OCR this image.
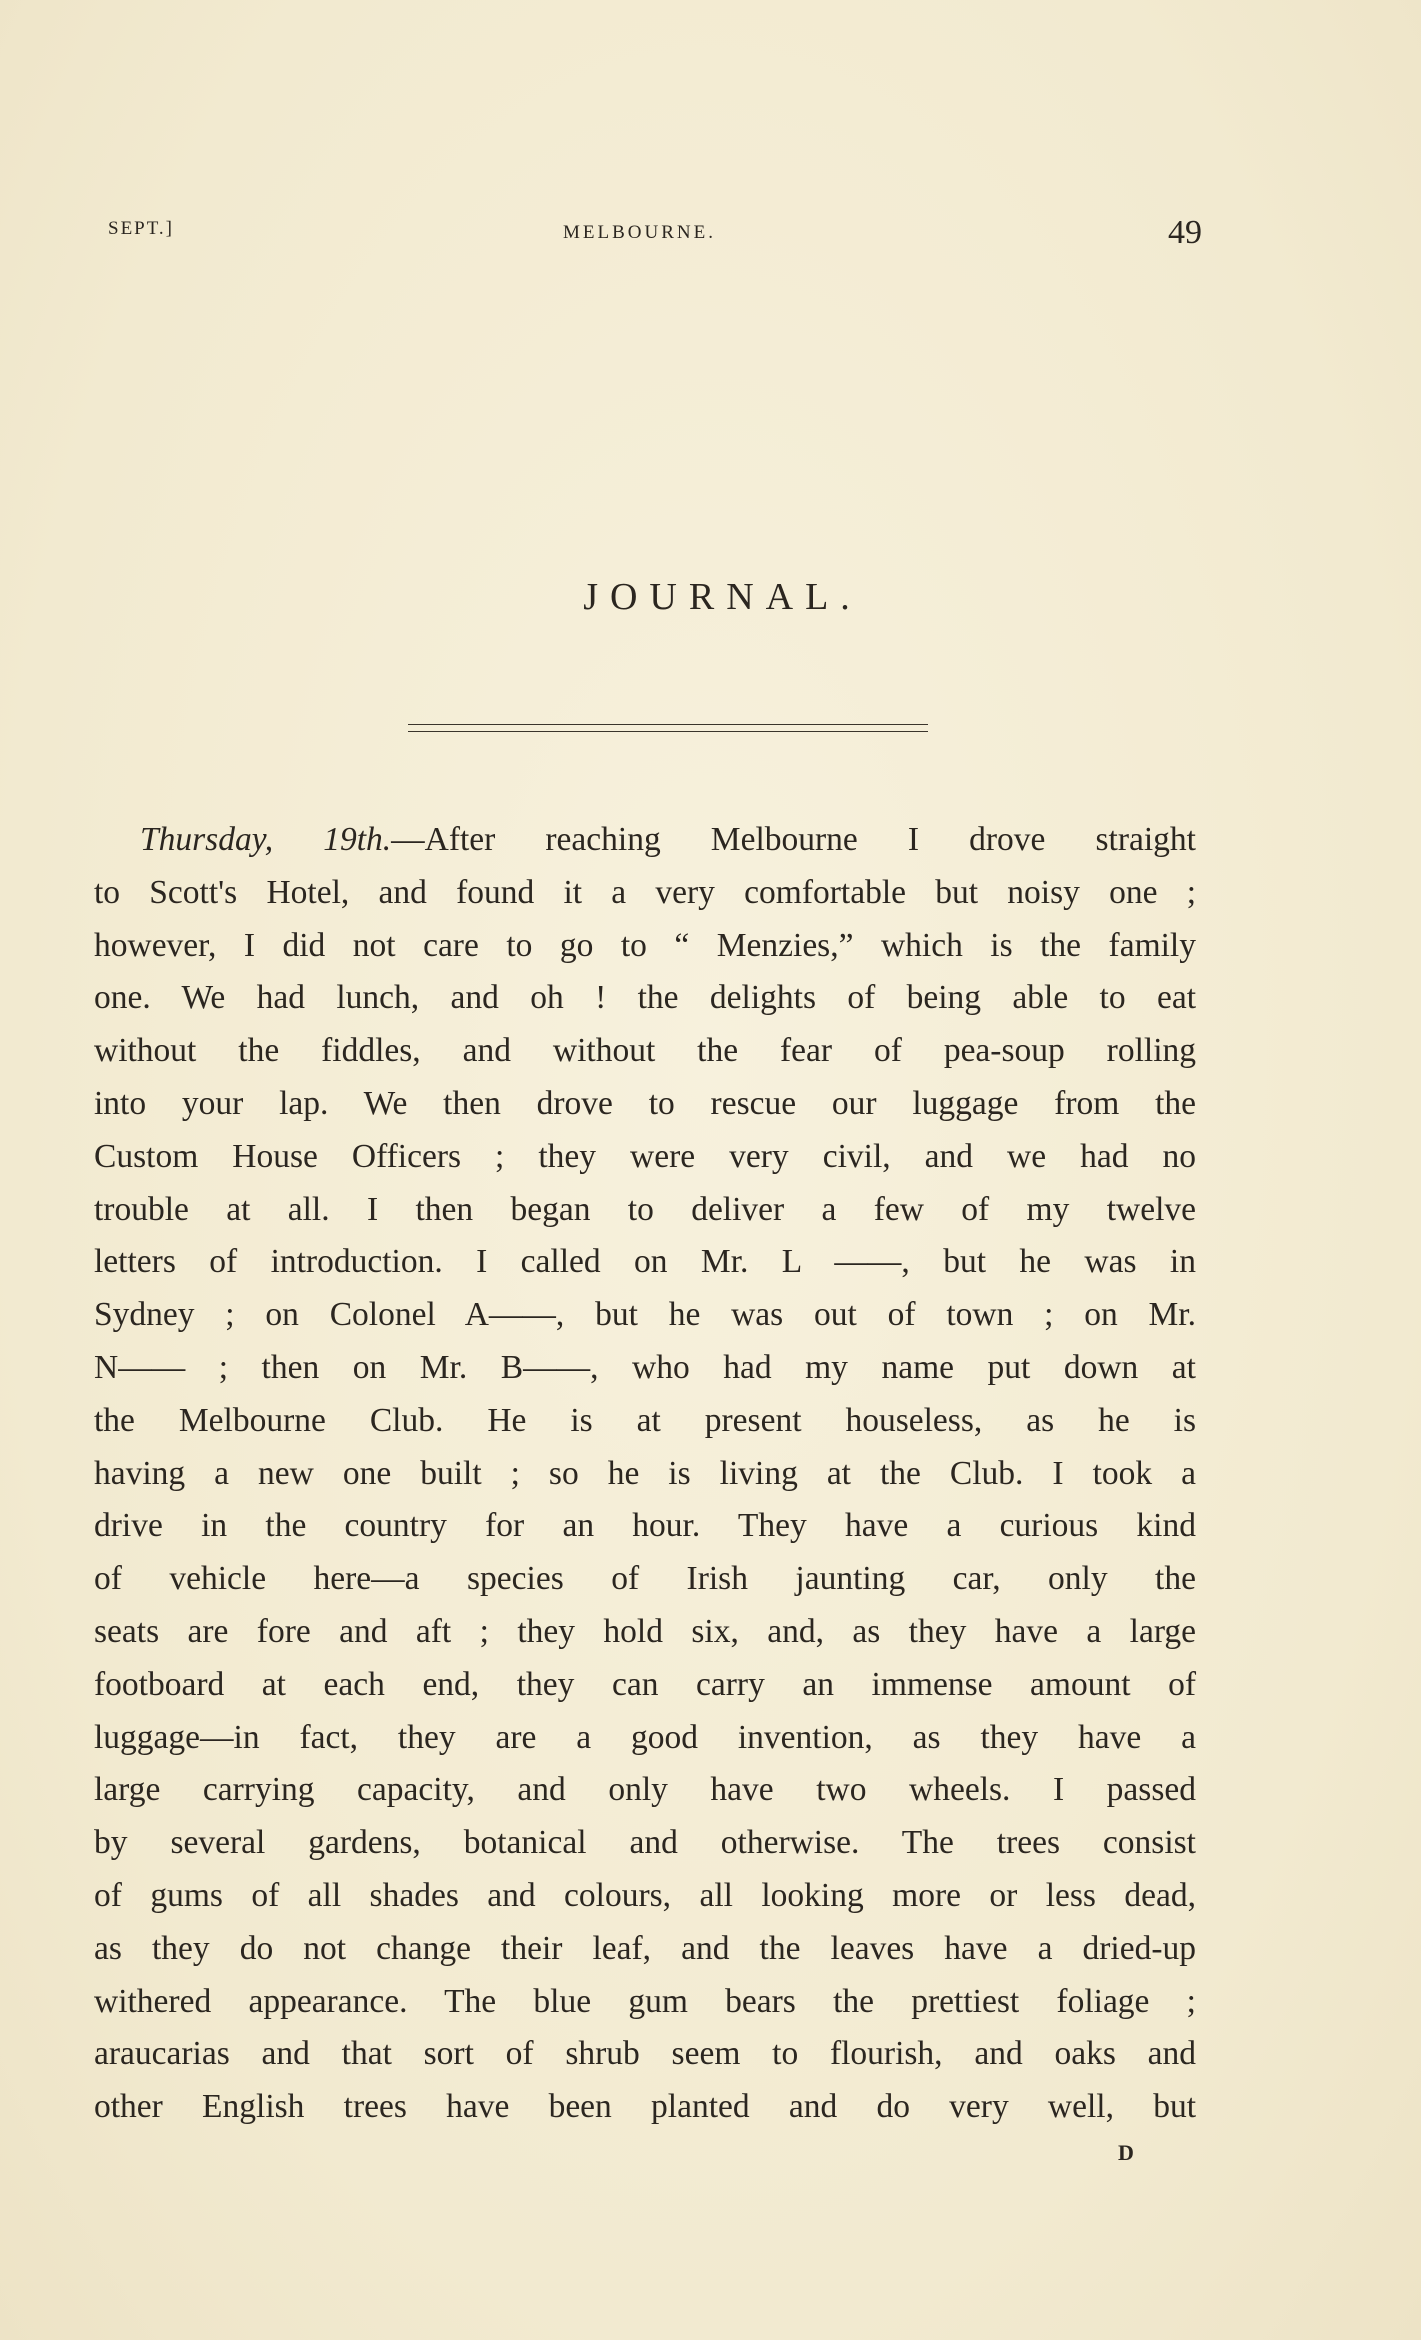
SEPT.]	MELBOURNE.	49
JOURNAL.
Thursday, 19th.—After reaching Melbourne I drove straight
to Scott's Hotel, and found it a very comfortable but noisy one ;
however, I did not care to go to “ Menzies,” which is the family
one. We had lunch, and oh ! the delights of being able to eat
without the fiddles, and without the fear of pea-soup rolling
into your lap. We then drove to rescue our luggage from the
Custom House Officers ; they were very civil, and we had no
trouble at all. I then began to deliver a few of my twelve
letters of introduction. I called on Mr. L ——, but he was in
Sydney ; on Colonel A——, but he was out of town ; on Mr.
N—— ; then on Mr. B——, who had my name put down at
the Melbourne Club. He is at present houseless, as he is
having a new one built ; so he is living at the Club. I took a
drive in the country for an hour. They have a curious kind
of vehicle here—a species of Irish jaunting car, only the
seats are fore and aft ; they hold six, and, as they have a large
footboard at each end, they can carry an immense amount of
luggage—in fact, they are a good invention, as they have a
large carrying capacity, and only have two wheels. I passed
by several gardens, botanical and otherwise. The trees consist
of gums of all shades and colours, all looking more or less dead,
as they do not change their leaf, and the leaves have a dried-up
withered appearance. The blue gum bears the prettiest foliage ;
araucarias and that sort of shrub seem to flourish, and oaks and
other English trees have been planted and do very well, but
D
